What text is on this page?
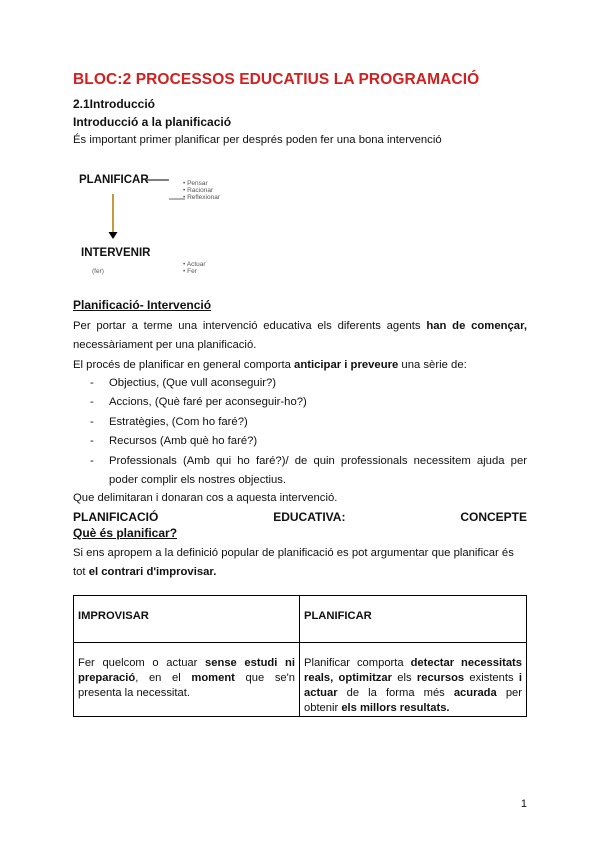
BLOC:2 PROCESSOS EDUCATIUS LA PROGRAMACIÓ
2.1Introducció
Introducció a la planificació
És important primer planificar per després poden fer una bona intervenció
PLANIFICAR	• Pensar
• Racionar
• Reflexionar
INTERVENIR
(fer)
• Actuar
• Fer
Planificació- Intervenció
Per portar a terme una intervenció educativa els diferents agents han de començar, necessàriament per una planificació.
El procés de planificar en general comporta anticipar i preveure una sèrie de:
- Objectius, (Que vull aconseguir?)
- Accions, (Què faré per aconseguir-ho?)
- Estratègies, (Com ho faré?)
- Recursos (Amb què ho faré?)
- Professionals (Amb qui ho faré?)/ de quin professionals necessitem ajuda per poder complir els nostres objectius.
Que delimitaran i donaran cos a aquesta intervenció.
PLANIFICACIÓ	EDUCATIVA:	CONCEPTE
Què és planificar?
Si ens apropem a la definició popular de planificació es pot argumentar que planificar és tot el contrari d'improvisar.
IMPROVISAR	PLANIFICAR

Fer quelcom o actuar sense estudi ni preparació, en el moment que se'n presenta la necessitat.	Planificar comporta detectar necessitats reals, optimitzar els recursos existents i actuar de la forma més acurada per obtenir els millors resultats.
1
